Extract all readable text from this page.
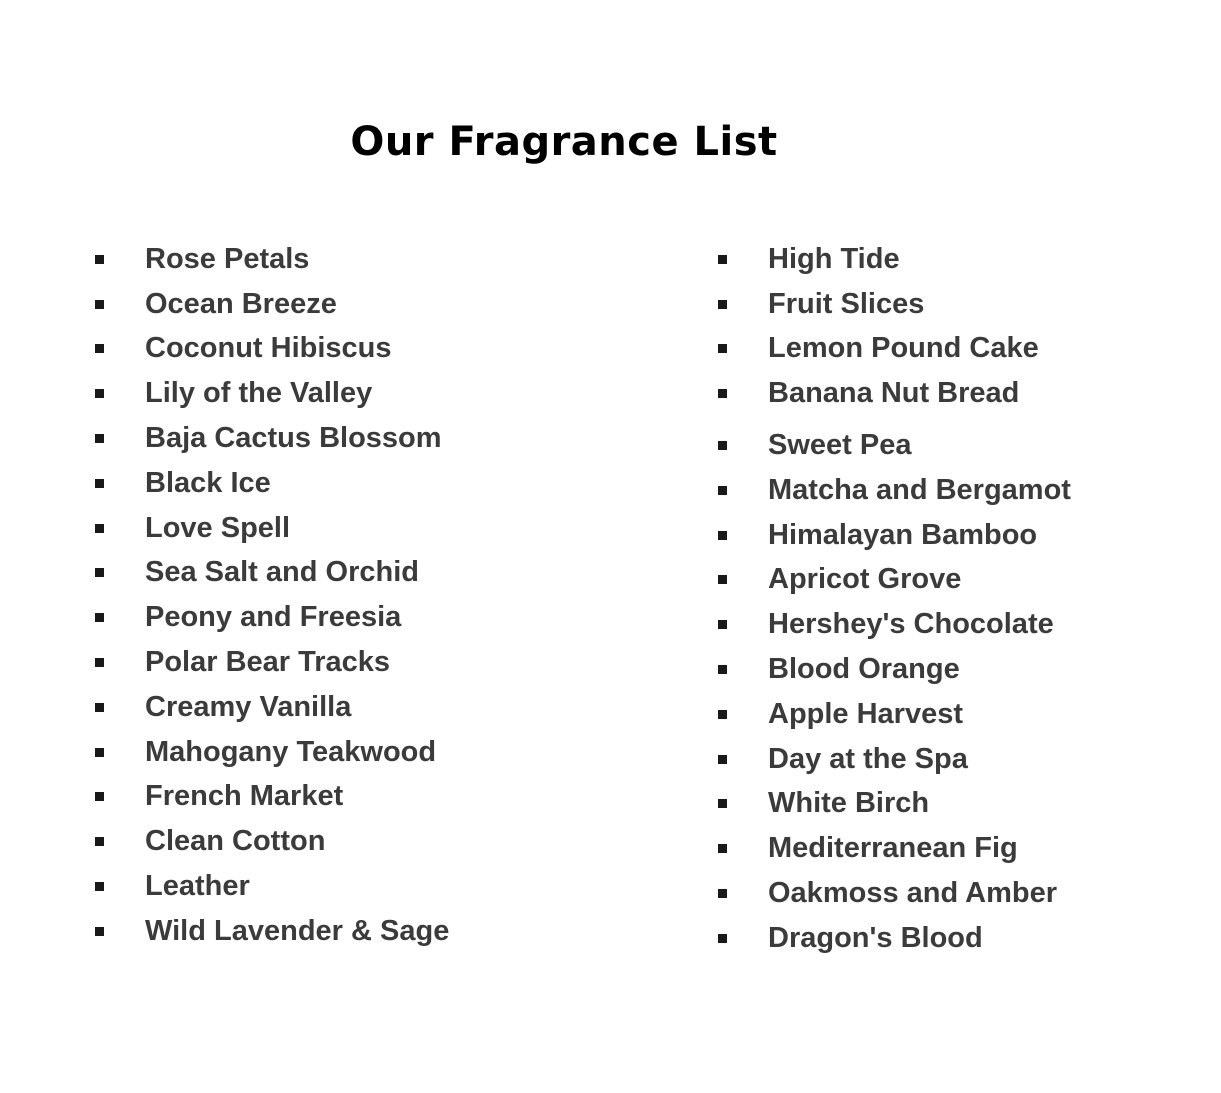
Our Fragrance List
Rose Petals
Ocean Breeze
Coconut Hibiscus
Lily of the Valley
Baja Cactus Blossom
Black Ice
Love Spell
Sea Salt and Orchid
Peony and Freesia
Polar Bear Tracks
Creamy Vanilla
Mahogany Teakwood
French Market
Clean Cotton
Leather
Wild Lavender & Sage
High Tide
Fruit Slices
Lemon Pound Cake
Banana Nut Bread
Sweet Pea
Matcha and Bergamot
Himalayan Bamboo
Apricot Grove
Hershey's Chocolate
Blood Orange
Apple Harvest
Day at the Spa
White Birch
Mediterranean Fig
Oakmoss and Amber
Dragon's Blood
